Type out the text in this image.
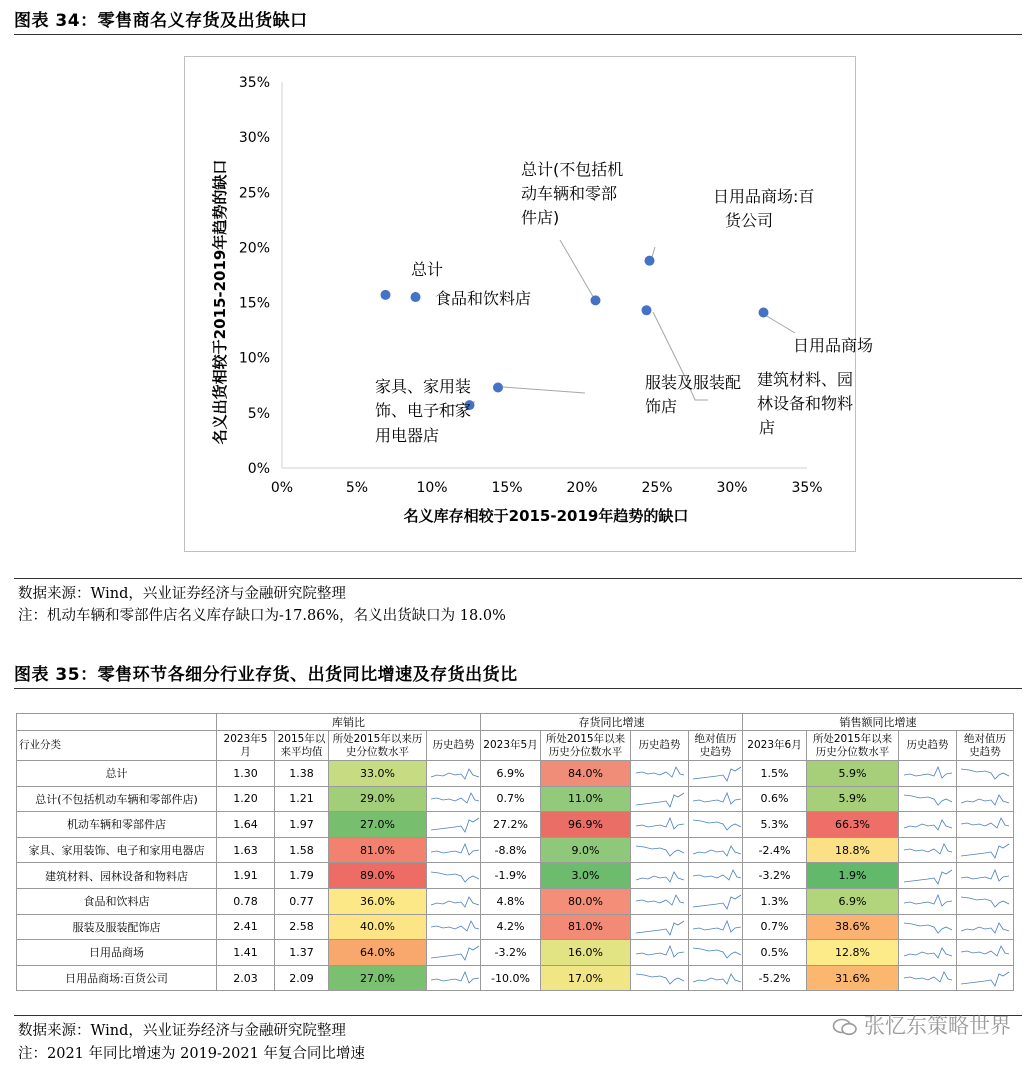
图表 34：零售商名义存货及出货缺口
0%	5%	10%	15%	20%	25%	30%	35%
0%
5%
10%
15%
20%
25%
30%
35%
总计
食品和饮料店
总计(不包括机
动车辆和零部
件店)
日用品商场:百
货公司
建筑材料、园
林设备和物料
店
日用品商场
服装及服装配
饰店
家具、家用装
饰、电子和家
用电器店
名义库存相较于2015-2019年趋势的缺口
名义出货相较于2015-2019年趋势的缺口
数据来源：Wind，兴业证券经济与金融研究院整理
注：机动车辆和零部件店名义库存缺口为-17.86%，名义出货缺口为 18.0%
图表 35：零售环节各细分行业存货、出货同比增速及存货出货比
	库销比				存货同比增速				销售额同比增速			
行业分类	2023年5月	2015年以来平均值	所处2015年以来历史分位数水平	历史趋势	2023年5月	所处2015年以来历史分位数水平	历史趋势	绝对值历史趋势	2023年6月	所处2015年以来历史分位数水平	历史趋势	绝对值历史趋势
总计	1.30	1.38	33.0%		6.9%	84.0%			1.5%	5.9%	

总计(不包括机动车辆和零部件店)	1.20	1.21	29.0%		0.7%	11.0%			0.6%	5.9%	

机动车辆和零部件店	1.64	1.97	27.0%		27.2%	96.9%			5.3%	66.3%	

家具、家用装饰、电子和家用电器店	1.63	1.58	81.0%		-8.8%	9.0%			-2.4%	18.8%	

建筑材料、园林设备和物料店	1.91	1.79	89.0%		-1.9%	3.0%			-3.2%	1.9%	

食品和饮料店	0.78	0.77	36.0%		4.8%	80.0%			1.3%	6.9%	

服装及服装配饰店	2.41	2.58	40.0%		4.2%	81.0%			0.7%	38.6%	

日用品商场	1.41	1.37	64.0%		-3.2%	16.0%			0.5%	12.8%	

日用品商场:百货公司	2.03	2.09	27.0%		-10.0%	17.0%			-5.2%	31.6%	

数据来源：Wind，兴业证券经济与金融研究院整理
注：2021 年同比增速为 2019-2021 年复合同比增速
张忆东策略世界
